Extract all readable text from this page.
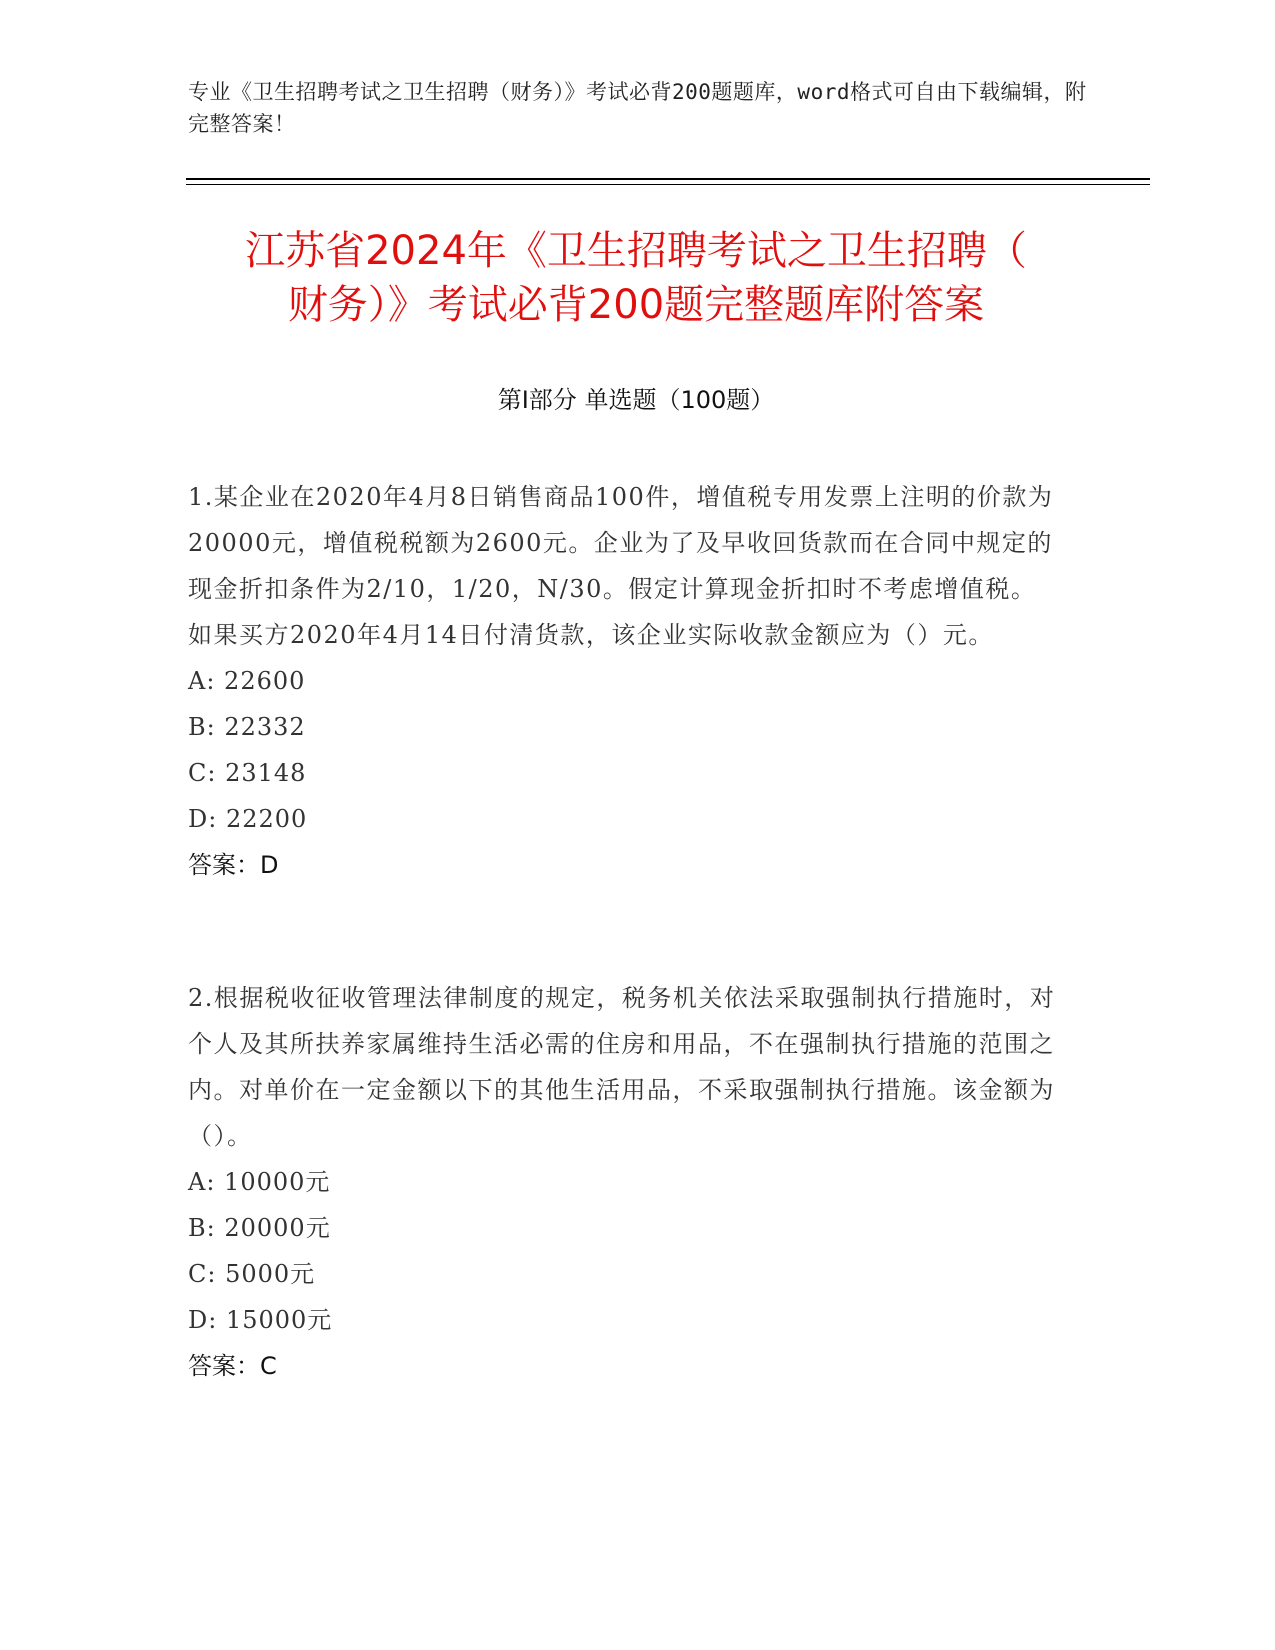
专业《卫生招聘考试之卫生招聘（财务）》考试必背200题题库，word格式可自由下载编辑，附完整答案！
江苏省2024年《卫生招聘考试之卫生招聘（
财务）》考试必背200题完整题库附答案
第Ⅰ部分 单选题（100题）
1.某企业在2020年4月8日销售商品100件，增值税专用发票上注明的价款为20000元，增值税税额为2600元。企业为了及早收回货款而在合同中规定的现金折扣条件为2/10，1/20，N/30。假定计算现金折扣时不考虑增值税。如果买方2020年4月14日付清货款，该企业实际收款金额应为（）元。
A: 22600
B: 22332
C: 23148
D: 22200
答案：D
2.根据税收征收管理法律制度的规定，税务机关依法采取强制执行措施时，对个人及其所扶养家属维持生活必需的住房和用品，不在强制执行措施的范围之内。对单价在一定金额以下的其他生活用品，不采取强制执行措施。该金额为（）。
A: 10000元
B: 20000元
C: 5000元
D: 15000元
答案：C
